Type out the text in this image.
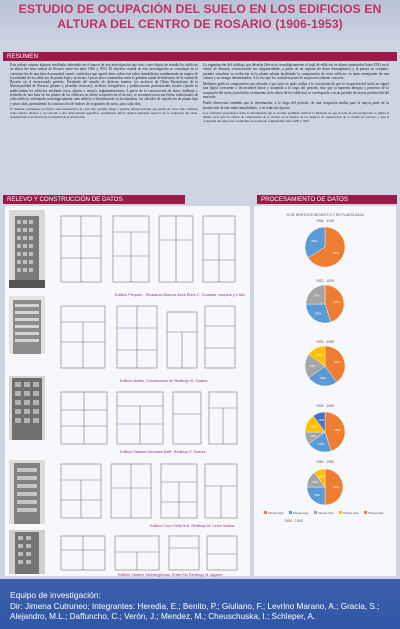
ESTUDIO DE OCUPACIÓN DEL SUELO EN LOS EDIFICIOS EN ALTURA DEL CENTRO DE ROSARIO (1906-1953)
RESUMEN

Este trabajo expone algunos resultados obtenidos en el marco de una investigación que tuvo como objeto de estudio los edificios en altura del área central de Rosario entre los años 1906 y 1953. El objetivo central de esta investigación se constituyó en la construcción de una base documental cuanti- cualitativa que aportó datos sobre este rubro inmobiliario condensando un mapeo de la totalidad de los edificios de planta baja y al menos 3 pisos altos construidos entre la primera ronda de bulevares de la ciudad de Rosario en el mencionado período. Partiendo del estudio de diversas fuentes: los archivos de Obras Particulares de la Municipalidad de Rosario (planos y planillas técnicas); archivos fotográficos y publicaciones profesionales locales (donde se publicitaban los edificios mediante fotos, planos y textos), reglamentaciones; A partir de la construcción de datos (redibujo y rediseño de una base de los planos de los edificios en altura existentes en el sector), se reconstruyeron sus fichas individuales de cada edificio, ordenando cronológicamente cada edificio e identificando su localización, los cálculos de superficies en planta baja y pisos altos, permitiendo la construcción de índices de ocupación de suelo, para cada obra.

El material condensado en fichas cuali-cuantitativas de cada obra permitió llegar a algunas interpretaciones que ponen en valor cómo edificios sobre objetos urbanos y en relación a una temporalidad específica, permitiendo inferir algunas hipótesis respecto de la ocupación del suelo, considerando la evolución de la totalidad de la producción.

La organización del catálogo por décadas (Servicio cronológicamente el total de edificios en altura construidos hasta 1953 en el centro de Rosario, reconociendo sus singularidades, a partir de un registro de datos homogéneos) y la puesta en conjunto, permite visualizar su evolución en la planta urbana facilitando la comprensión de estos edificios en tanto emergentes de una cultura y un tiempo determinados. A la vez que los considera parte de un proceso urbano concreto.

Mediante gráficos comparativos por décadas y por tanto se pudo arribar a la conclusión de que la ocupación del suelo no siguió una lógica (creciente o decreciente) lineal y sostenida a lo largo del período, sino que al aumento abrupto y posterior de la ocupación del suelo (correlativo al aumento de la altura de los edificios) se corresponde con un período de mayor producción del mercado.

Puede observarse también que la información, a lo largo del período, de una ocupación media para la mayor parte de la producción de este rubro inmobiliario, y en todas las épocas.

Los resultados presentados sobre la información que se produjo permiten verificar la hipótesis de que el total de esta producción se siguió el mismo ciclo que los ritmos de construcción de la ciudad, en el interior de los tiempos de construcción de la ciudad del período, y que la ocupación del suelo tuvo su máximo en el período comprendido entre 1930 y 1940.

RELEVO Y CONSTRUCCIÓN DE DATOS	PROCESAMIENTO DE DATOS
Edificio Pimpam - Rivadavia Buenos Aires Entre C. Córdoba, esquina y 1 Mio
Edificio Martin, Construcción de Redibujo R. Suarez
Edificio Salazar Meneses Delft, Redibujo F. Suarez
Edificio Coco Della Soli, Redibujo M. Leme Molina
Edificio Vladmir Sleeberghman, Entre Río Redibujo M. Aguero
% DE EDIFICIOS SEGÚN F.O.T EN PLANTA BAJA
1906 - 1919
66%
34%
1920 - 1929
45%
30%
25%
1930 - 1939
40%
25%
20%
15%
1940 - 1949
45%
20%
10%
15%
10%
1950 - 1953
50%
25%
15%
10%
Plantas baja	Plantas baja	Plantas baja	Plantas baja	Plantas baja
1950 - 1953
Equipo de investigación:
Dir: Jimena Cutruneo; Integrantes: Heredia, E.; Benito, P.; Giuliano, F.; Levrino Marano, A.; Gracia, S.; Alejandro, M.L.; Daffuncho, C.; Verón, J.; Mendez, M.; Cheuschuska, I.; Schleper, A.
